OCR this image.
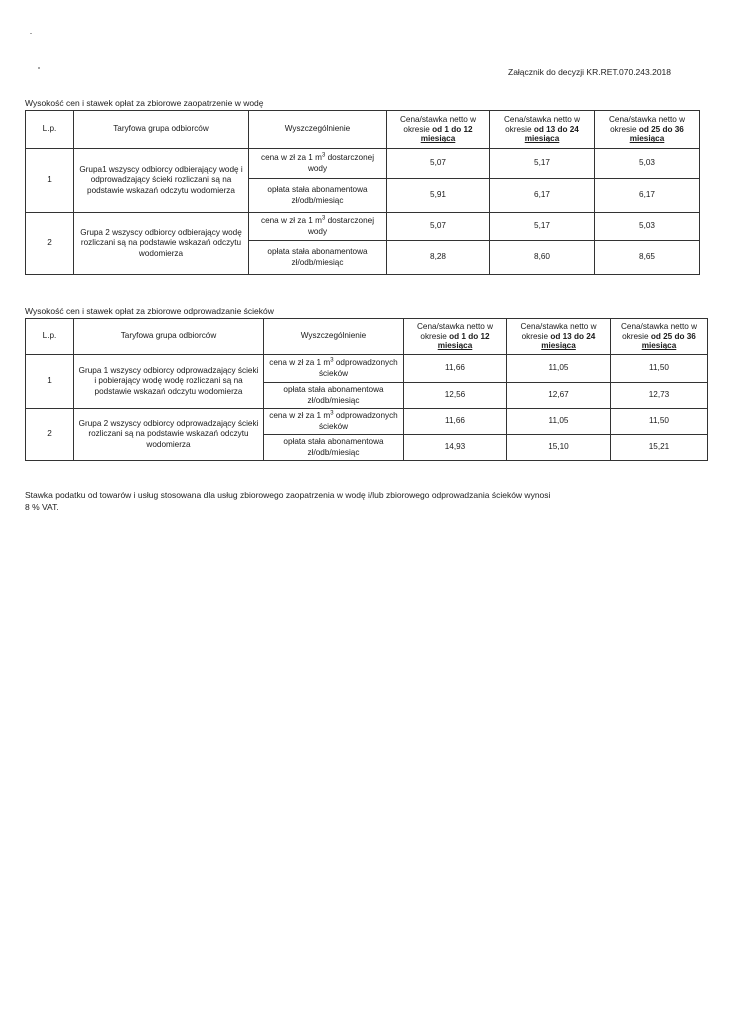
Załącznik do decyzji KR.RET.070.243.2018
Wysokość cen i stawek opłat za zbiorowe zaopatrzenie w wodę
L.p.	Taryfowa grupa odbiorców	Wyszczególnienie	Cena/stawka netto w okresie od 1 do 12
miesiąca	Cena/stawka netto w okresie od 13 do 24
miesiąca	Cena/stawka netto w okresie od 25 do 36
miesiąca
1	Grupa1 wszyscy odbiorcy odbierający wodę i odprowadzający ścieki rozliczani są na podstawie wskazań odczytu wodomierza	cena w zł za 1 $m^3$ dostarczonej wody	5,07	5,17	5,03
		opłata stała abonamentowa zł/odb/miesiąc	5,91	6,17	6,17
2	Grupa 2 wszyscy odbiorcy odbierający wodę rozliczani są na podstawie wskazań odczytu wodomierza	cena w zł za 1 $m^3$ dostarczonej wody	5,07	5,17	5,03
		opłata stała abonamentowa zł/odb/miesiąc	8,28	8,60	8,65
Wysokość cen i stawek opłat za zbiorowe odprowadzanie ścieków
L.p.	Taryfowa grupa odbiorców	Wyszczególnienie	Cena/stawka netto w okresie od 1 do 12
miesiąca	Cena/stawka netto w okresie od 13 do 24
miesiąca	Cena/stawka netto w okresie od 25 do 36
miesiąca
1	Grupa 1 wszyscy odbiorcy odprowadzający ścieki i pobierający wodę wodę rozliczani są na podstawie wskazań odczytu wodomierza	cena w zł za 1 $m^3$ odprowadzonych ścieków	11,66	11,05	11,50
		opłata stała abonamentowa zł/odb/miesiąc	12,56	12,67	12,73
2	Grupa 2 wszyscy odbiorcy odprowadzający ścieki rozliczani są na podstawie wskazań odczytu wodomierza	cena w zł za 1 $m^3$ odprowadzonych ścieków	11,66	11,05	11,50
		opłata stała abonamentowa zł/odb/miesiąc	14,93	15,10	15,21
Stawka podatku od towarów i usług stosowana dla usług zbiorowego zaopatrzenia w wodę i/lub zbiorowego odprowadzania ścieków wynosi
8 % VAT.
